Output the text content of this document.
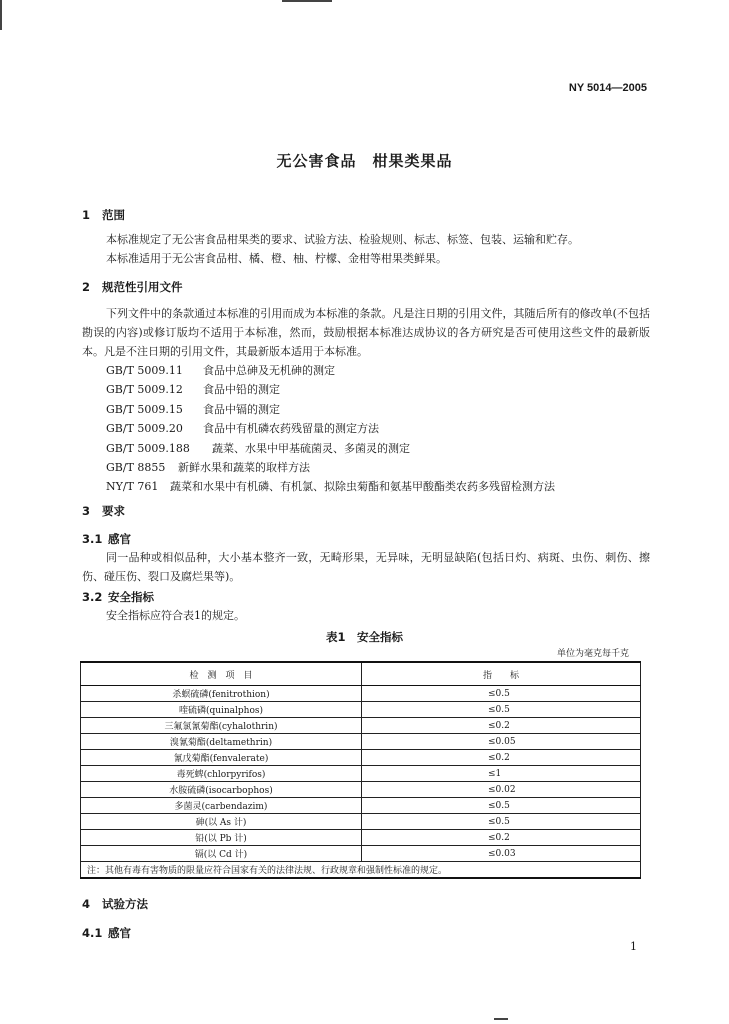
NY 5014—2005
无公害食品　柑果类果品
1 范围
本标准规定了无公害食品柑果类的要求、试验方法、检验规则、标志、标签、包装、运输和贮存。
本标准适用于无公害食品柑、橘、橙、柚、柠檬、金柑等柑果类鲜果。
2 规范性引用文件
下列文件中的条款通过本标准的引用而成为本标准的条款。凡是注日期的引用文件，其随后所有的修改单(不包括勘误的内容)或修订版均不适用于本标准，然而，鼓励根据本标准达成协议的各方研究是否可使用这些文件的最新版本。凡是不注日期的引用文件，其最新版本适用于本标准。
GB/T 5009.11 食品中总砷及无机砷的测定
GB/T 5009.12 食品中铅的测定
GB/T 5009.15 食品中镉的测定
GB/T 5009.20 食品中有机磷农药残留量的测定方法
GB/T 5009.188 蔬菜、水果中甲基硫菌灵、多菌灵的测定
GB/T 8855 新鲜水果和蔬菜的取样方法
NY/T 761 蔬菜和水果中有机磷、有机氯、拟除虫菊酯和氨基甲酸酯类农药多残留检测方法
3 要求
3.1 感官
同一品种或相似品种，大小基本整齐一致，无畸形果，无异味，无明显缺陷(包括日灼、病斑、虫伤、刺伤、擦伤、碰压伤、裂口及腐烂果等)。
3.2 安全指标
安全指标应符合表1的规定。
表1　安全指标
单位为毫克每千克
检　测　项　目	指　　标
杀螟硫磷(fenitrothion)	≤0.5
喹硫磷(quinalphos)	≤0.5
三氟氯氰菊酯(cyhalothrin)	≤0.2
溴氰菊酯(deltamethrin)	≤0.05
氰戊菊酯(fenvalerate)	≤0.2
毒死蜱(chlorpyrifos)	≤1
水胺硫磷(isocarbophos)	≤0.02
多菌灵(carbendazim)	≤0.5
砷(以 As 计)	≤0.5
铅(以 Pb 计)	≤0.2
镉(以 Cd 计)	≤0.03
注：其他有毒有害物质的限量应符合国家有关的法律法规、行政规章和强制性标准的规定。	
4 试验方法
4.1 感官
1
